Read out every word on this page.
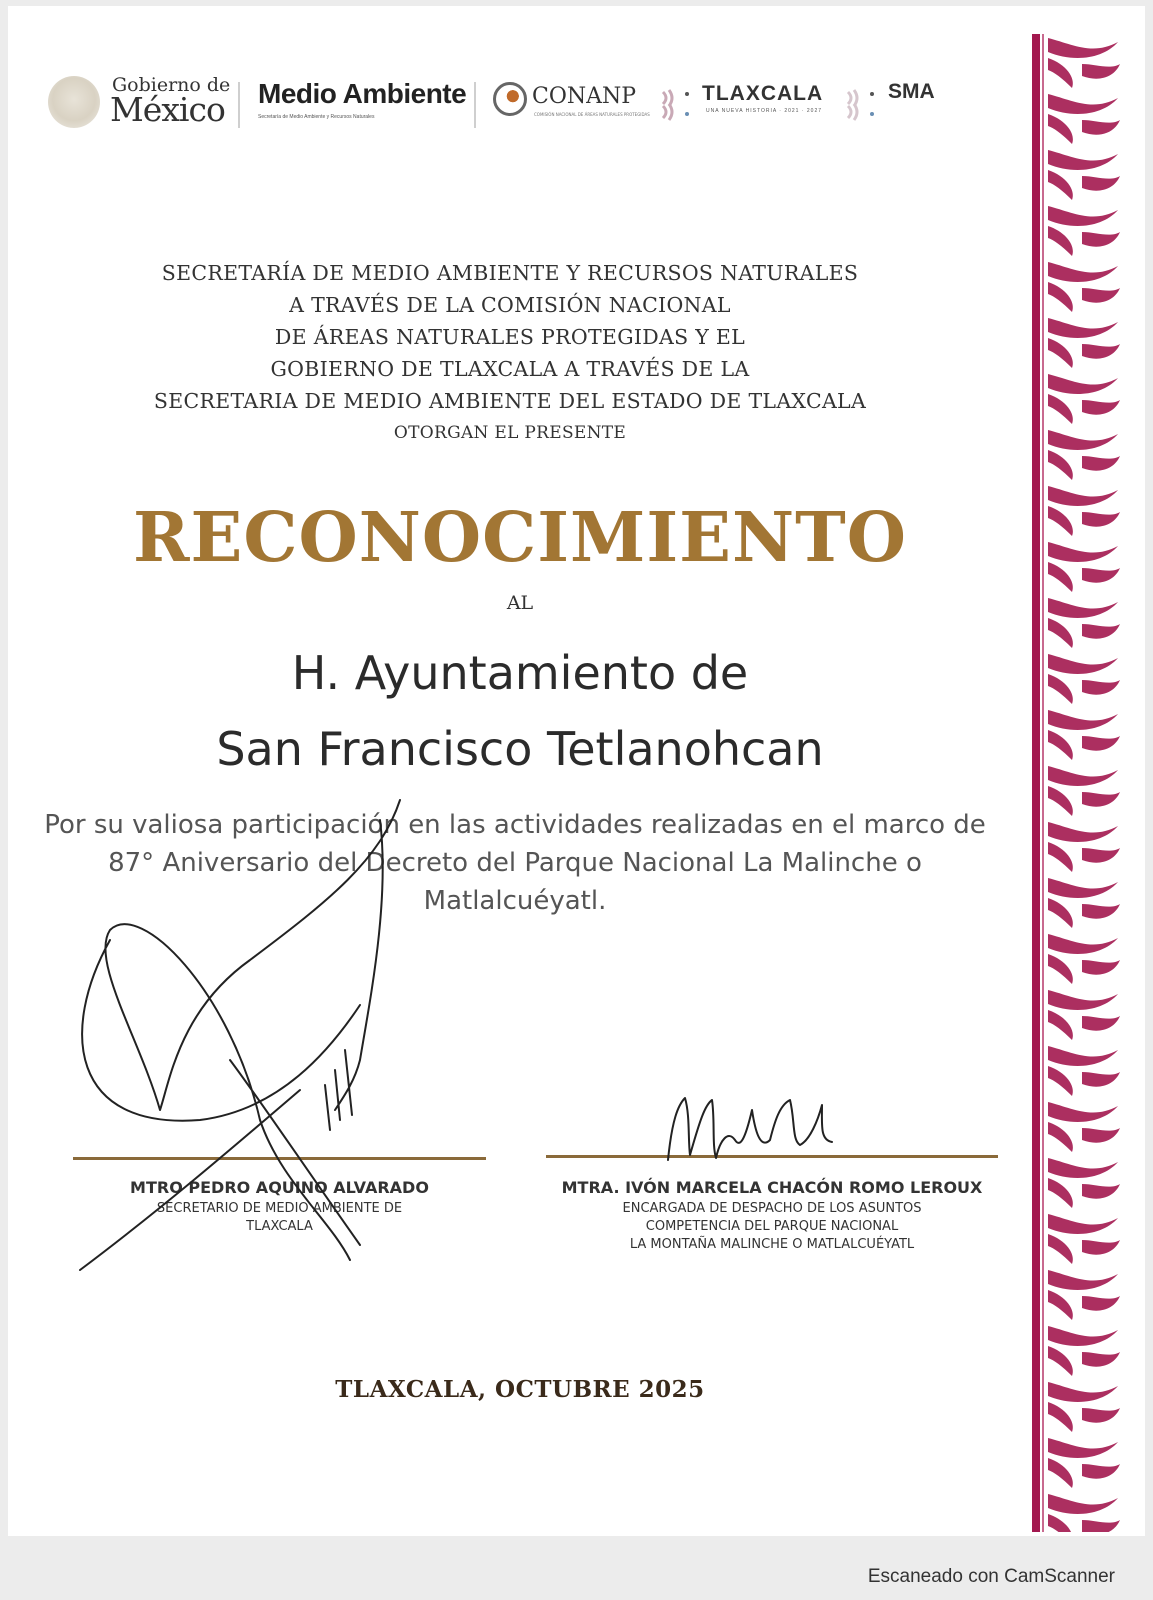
Gobierno de
México Medio Ambiente
Secretaría de Medio Ambiente y Recursos Naturales
CONANP
COMISIÓN NACIONAL DE ÁREAS NATURALES PROTEGIDAS
TLAXCALA
UNA NUEVA HISTORIA · 2021 · 2027
SMA
SECRETARÍA DE MEDIO AMBIENTE Y RECURSOS NATURALES
A TRAVÉS DE LA COMISIÓN NACIONAL
DE ÁREAS NATURALES PROTEGIDAS Y EL
GOBIERNO DE TLAXCALA A TRAVÉS DE LA
SECRETARIA DE MEDIO AMBIENTE DEL ESTADO DE TLAXCALA
OTORGAN EL PRESENTE
RECONOCIMIENTO
AL
H. Ayuntamiento de
San Francisco Tetlanohcan
Por su valiosa participación en las actividades realizadas en el marco de
87° Aniversario del Decreto del Parque Nacional La Malinche o
Matlalcuéyatl.
MTRO PEDRO AQUINO ALVARADO
SECRETARIO DE MEDIO AMBIENTE DE
TLAXCALA
MTRA. IVÓN MARCELA CHACÓN ROMO LEROUX
ENCARGADA DE DESPACHO DE LOS ASUNTOS
COMPETENCIA DEL PARQUE NACIONAL
LA MONTAÑA MALINCHE O MATLALCUÉYATL
TLAXCALA, OCTUBRE 2025
Escaneado con CamScanner
